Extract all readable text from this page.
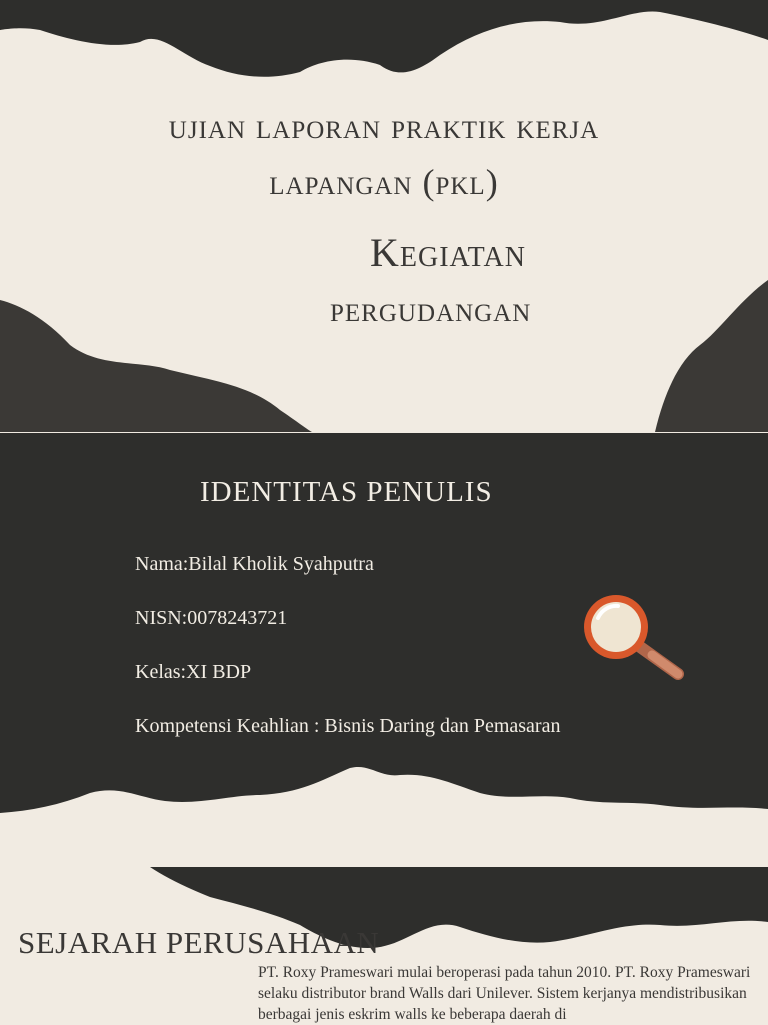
ujian laporan praktik kerja
lapangan (pkl)
Kegiatan
pergudangan
IDENTITAS PENULIS
Nama:Bilal Kholik Syahputra
NISN:0078243721
Kelas:XI BDP
Kompetensi Keahlian : Bisnis Daring dan Pemasaran
SEJARAH PERUSAHAAN
PT. Roxy Prameswari mulai beroperasi pada tahun 2010. PT. Roxy Prameswari selaku distributor brand Walls dari Unilever. Sistem kerjanya mendistribusikan berbagai jenis eskrim walls ke beberapa daerah di
